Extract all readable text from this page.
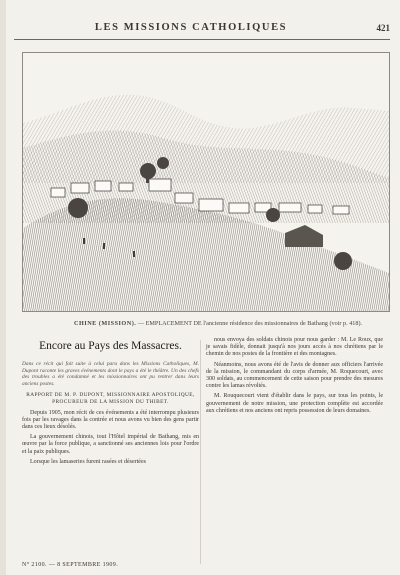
LES MISSIONS CATHOLIQUES	421
CHINE (MISSION). — EMPLACEMENT DE l'ancienne résidence des missionnaires de Bathang (voir p. 418).
Encore au Pays des Massacres.
Dans ce récit qui fait suite à celui paru dans les Missions Catholiques, M. Dupont raconte les graves événements dont le pays a été le théâtre. Un des chefs des troubles a été condamné et les missionnaires ont pu rentrer dans leurs anciens postes.
RAPPORT DE M. P. DUPONT, MISSIONNAIRE APOSTOLIQUE, PROCUREUR DE LA MISSION DU THIBET.

Depuis 1905, mon récit de ces événements a été interrompu plusieurs fois par les ravages dans la contrée et nous avons vu bien des gens partir dans ces lieux désolés.

La gouvernement chinois, tout l'Hôtel impérial de Bathang, mis en œuvre par la force publique, a sanctionné ses anciennes lois pour l'ordre et la paix publiques.

Lorsque les lamaseries furent rasées et désertées

nous envoya des soldats chinois pour nous garder : M. Le Roux, que je savais fidèle, donnait jusqu'à nos jours accès à nos chrétiens par le chemin de nos postes de la frontière et des montagnes.

Néanmoins, nous avons été de l'avis de donner aux officiers l'arrivée de la mission, le commandant du corps d'armée, M. Roquecourt, avec 300 soldats, au commencement de cette saison pour prendre des mesures contre les lamas révoltés.

M. Rouquecourt vient d'établir dans le pays, sur tous les points, le gouvernement de notre mission, une protection complète est accordée aux chrétiens et nos anciens ont repris possession de leurs domaines.

N° 2100. — 8 SEPTEMBRE 1909.
